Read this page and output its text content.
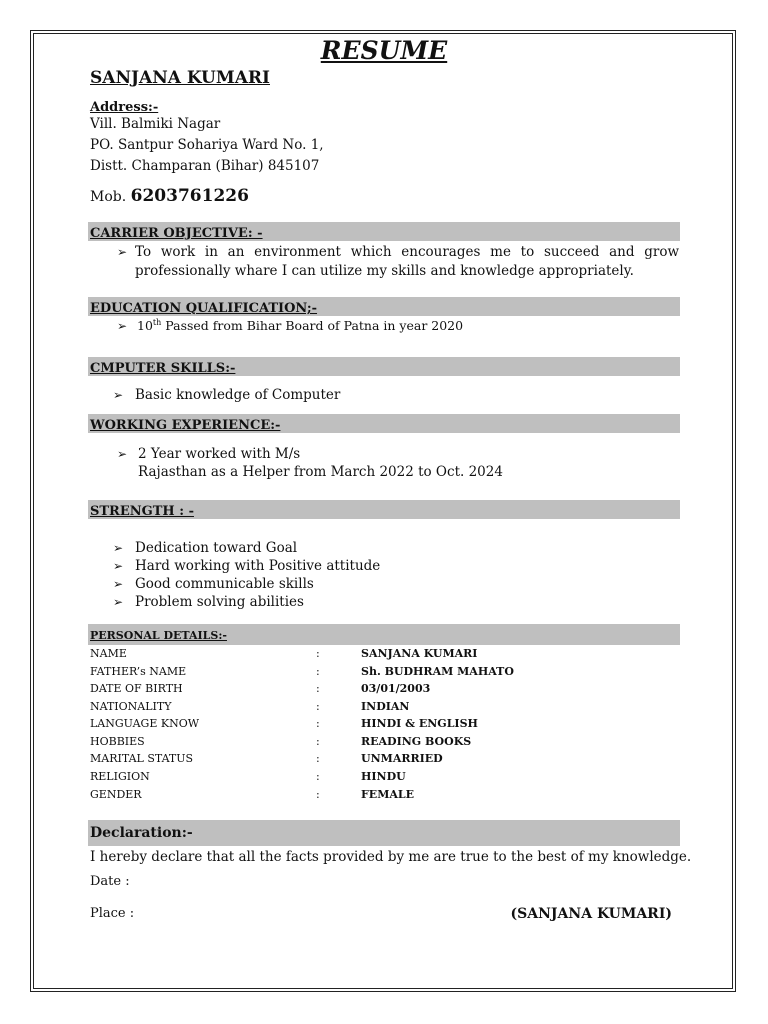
RESUME
SANJANA KUMARI
Address:-
Vill. Balmiki Nagar
PO. Santpur Sohariya Ward No. 1,
Distt. Champaran (Bihar) 845107
Mob. 6203761226
CARRIER OBJECTIVE: -
➢ To work in an environment which encourages me to succeed and grow professionally whare I can utilize my skills and knowledge appropriately.
EDUCATION QUALIFICATION;-
➢ 10th Passed from Bihar Board of Patna in year 2020
CMPUTER SKILLS:-
➢ Basic knowledge of Computer
WORKING EXPERIENCE:-
➢ 2 Year worked with M/s
Rajasthan as a Helper from March 2022 to Oct. 2024
STRENGTH : -
➢ Dedication toward Goal
➢ Hard working with Positive attitude
➢ Good communicable skills
➢ Problem solving abilities
PERSONAL DETAILS:-
NAME	:	SANJANA KUMARI
FATHER’s NAME	:	Sh. BUDHRAM MAHATO
DATE OF BIRTH	:	03/01/2003
NATIONALITY	:	INDIAN
LANGUAGE KNOW	:	HINDI & ENGLISH
HOBBIES	:	READING BOOKS
MARITAL STATUS	:	UNMARRIED
RELIGION	:	HINDU
GENDER	:	FEMALE
Declaration:-
I hereby declare that all the facts provided by me are true to the best of my knowledge.
Date :
Place :	(SANJANA KUMARI)
